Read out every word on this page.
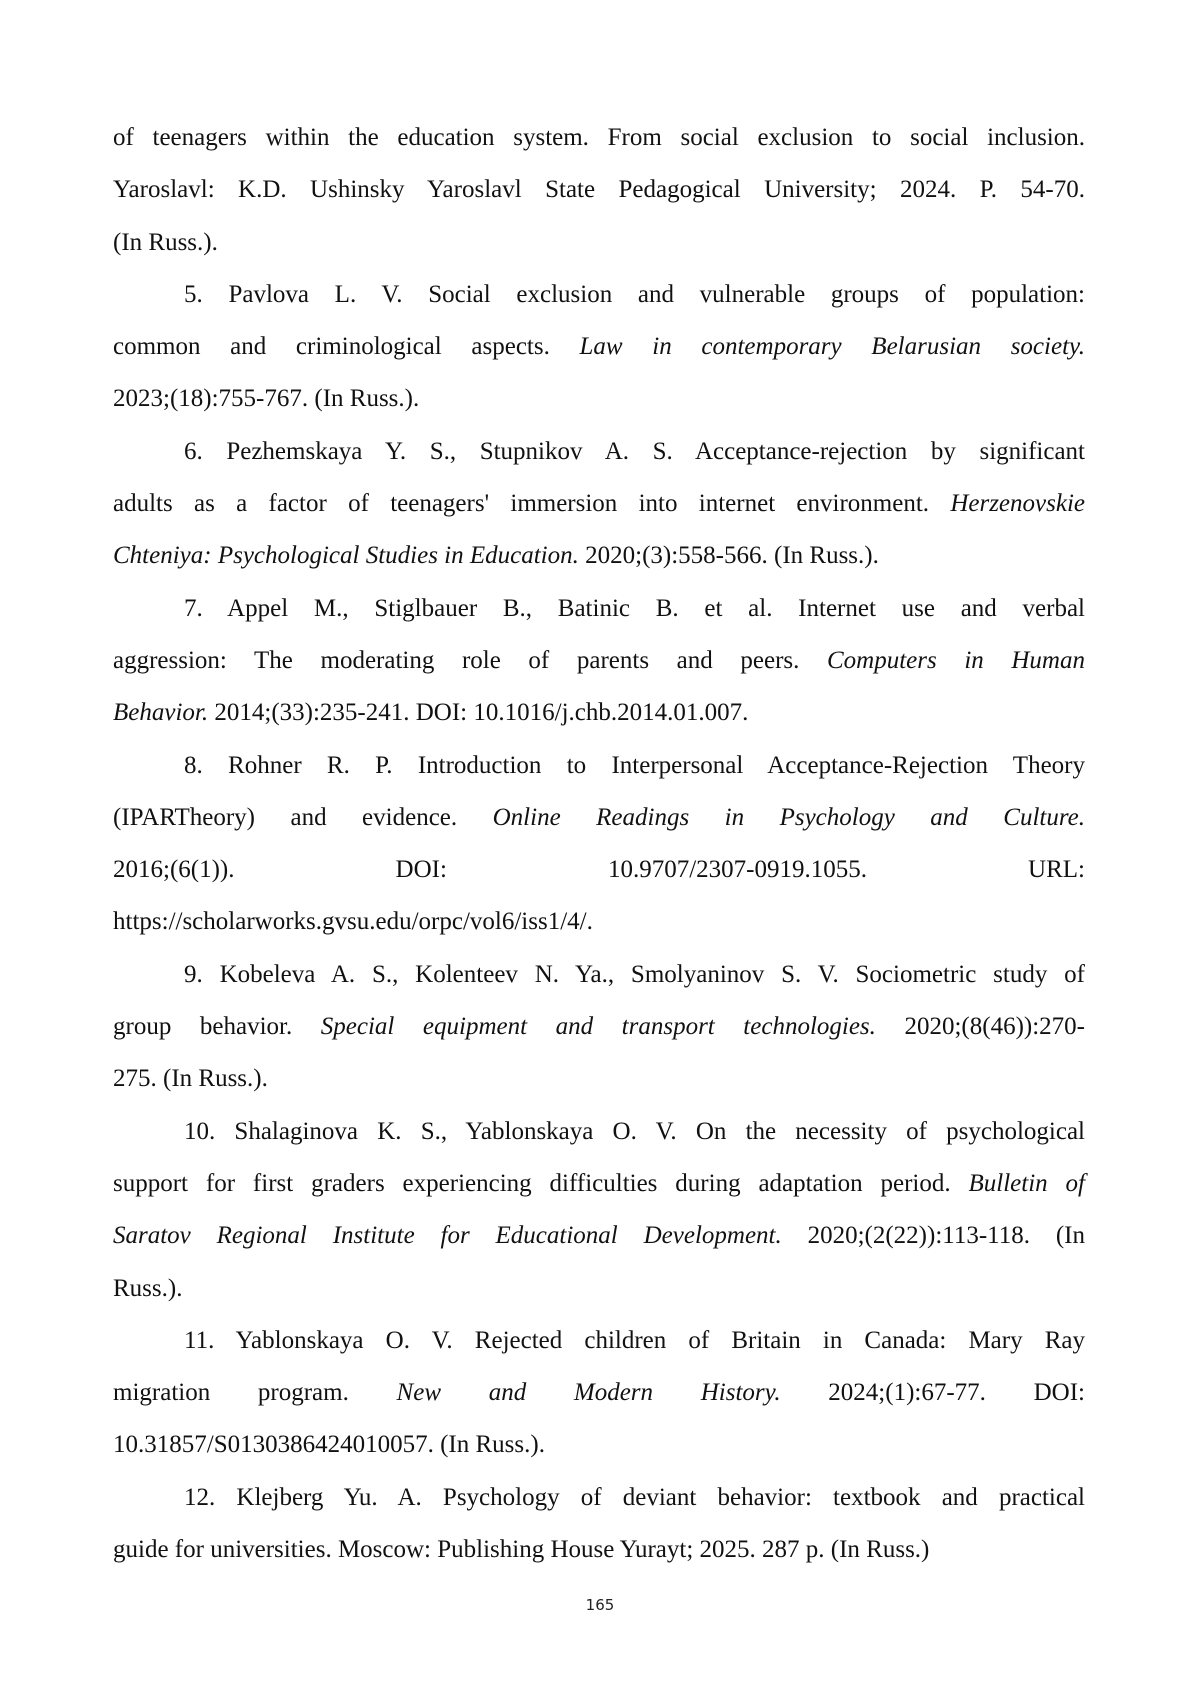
of teenagers within the education system. From social exclusion to social inclusion.
Yaroslavl: K.D. Ushinsky Yaroslavl State Pedagogical University; 2024. P. 54-70.
(In Russ.).
5. Pavlova L. V. Social exclusion and vulnerable groups of population:
common and criminological aspects. Law in contemporary Belarusian society.
2023;(18):755-767. (In Russ.).
6. Pezhemskaya Y. S., Stupnikov A. S. Acceptance-rejection by significant
adults as a factor of teenagers' immersion into internet environment. Herzenovskie
Chteniya: Psychological Studies in Education. 2020;(3):558-566. (In Russ.).
7. Appel M., Stiglbauer B., Batinic B. et al. Internet use and verbal
aggression: The moderating role of parents and peers. Computers in Human
Behavior. 2014;(33):235-241. DOI: 10.1016/j.chb.2014.01.007.
8. Rohner R. P. Introduction to Interpersonal Acceptance-Rejection Theory
(IPARTheory) and evidence. Online Readings in Psychology and Culture.
2016;(6(1)). DOI: 10.9707/2307-0919.1055. URL:
https://scholarworks.gvsu.edu/orpc/vol6/iss1/4/.
9. Kobeleva A. S., Kolenteev N. Ya., Smolyaninov S. V. Sociometric study of
group behavior. Special equipment and transport technologies. 2020;(8(46)):270-
275. (In Russ.).
10. Shalaginova K. S., Yablonskaya O. V. On the necessity of psychological
support for first graders experiencing difficulties during adaptation period. Bulletin of
Saratov Regional Institute for Educational Development. 2020;(2(22)):113-118. (In
Russ.).
11. Yablonskaya O. V. Rejected children of Britain in Canada: Mary Ray
migration program. New and Modern History. 2024;(1):67-77. DOI:
10.31857/S0130386424010057. (In Russ.).
12. Klejberg Yu. A. Psychology of deviant behavior: textbook and practical
guide for universities. Moscow: Publishing House Yurayt; 2025. 287 p. (In Russ.)
165
